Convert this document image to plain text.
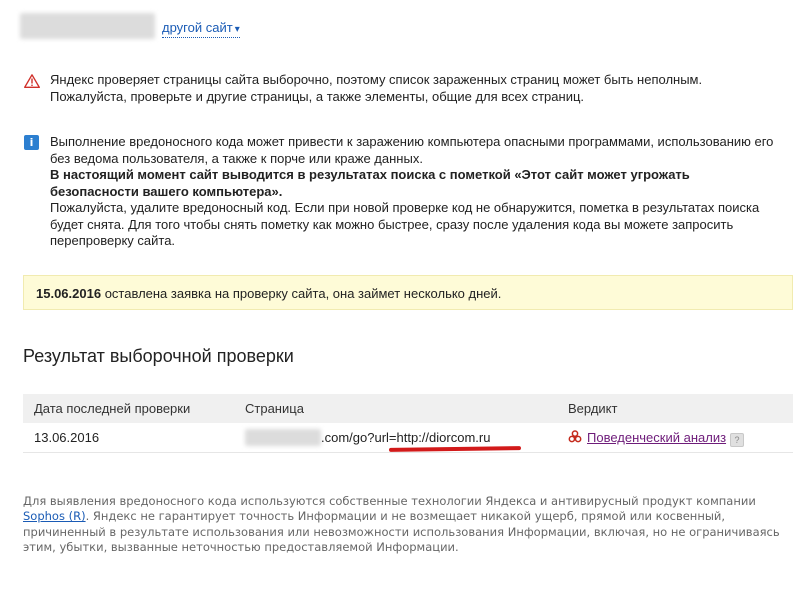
другой сайт ▾
Яндекс проверяет страницы сайта выборочно, поэтому список зараженных страниц может быть неполным. Пожалуйста, проверьте и другие страницы, а также элементы, общие для всех страниц.
i	Выполнение вредоносного кода может привести к заражению компьютера опасными программами, использованию его без ведома пользователя, а также к порче или краже данных.

В настоящий момент сайт выводится в результатах поиска с пометкой «Этот сайт может угрожать безопасности вашего компьютера».

Пожалуйста, удалите вредоносный код. Если при новой проверке код не обнаружится, пометка в результатах поиска будет снята. Для того чтобы снять пометку как можно быстрее, сразу после удаления кода вы можете запросить перепроверку сайта.

15.06.2016 оставлена заявка на проверку сайта, она займет несколько дней.
Результат выборочной проверки
Дата последней проверки	Страница	Вердикт
13.06.2016	.com/go?url=http://diorcom.ru	Поведенческий анализ ?
Для выявления вредоносного кода используются собственные технологии Яндекса и антивирусный продукт компании Sophos (R). Яндекс не гарантирует точность Информации и не возмещает никакой ущерб, прямой или косвенный, причиненный в результате использования или невозможности использования Информации, включая, но не ограничиваясь этим, убытки, вызванные неточностью предоставляемой Информации.
